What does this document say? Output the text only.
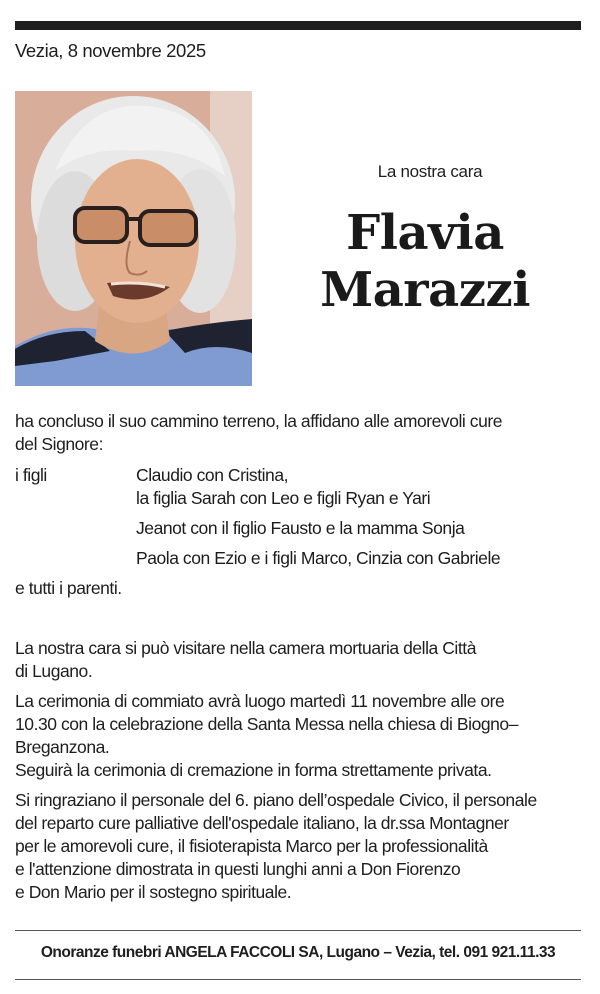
Vezia, 8 novembre 2025
La nostra cara
Flavia
Marazzi
ha concluso il suo cammino terreno, la affidano alle amorevoli cure
del Signore:
i figli	Claudio con Cristina,
la figlia Sarah con Leo e figli Ryan e Yari
Jeanot con il figlio Fausto e la mamma Sonja
Paola con Ezio e i figli Marco, Cinzia con Gabriele
e tutti i parenti.
La nostra cara si può visitare nella camera mortuaria della Città
di Lugano.
La cerimonia di commiato avrà luogo martedì 11 novembre alle ore
10.30 con la celebrazione della Santa Messa nella chiesa di Biogno–
Breganzona.
Seguirà la cerimonia di cremazione in forma strettamente privata.
Si ringraziano il personale del 6. piano dell’ospedale Civico, il personale
del reparto cure palliative dell'ospedale italiano, la dr.ssa Montagner
per le amorevoli cure, il fisioterapista Marco per la professionalità
e l'attenzione dimostrata in questi lunghi anni a Don Fiorenzo
e Don Mario per il sostegno spirituale.
Onoranze funebri ANGELA FACCOLI SA, Lugano – Vezia, tel. 091 921.11.33
